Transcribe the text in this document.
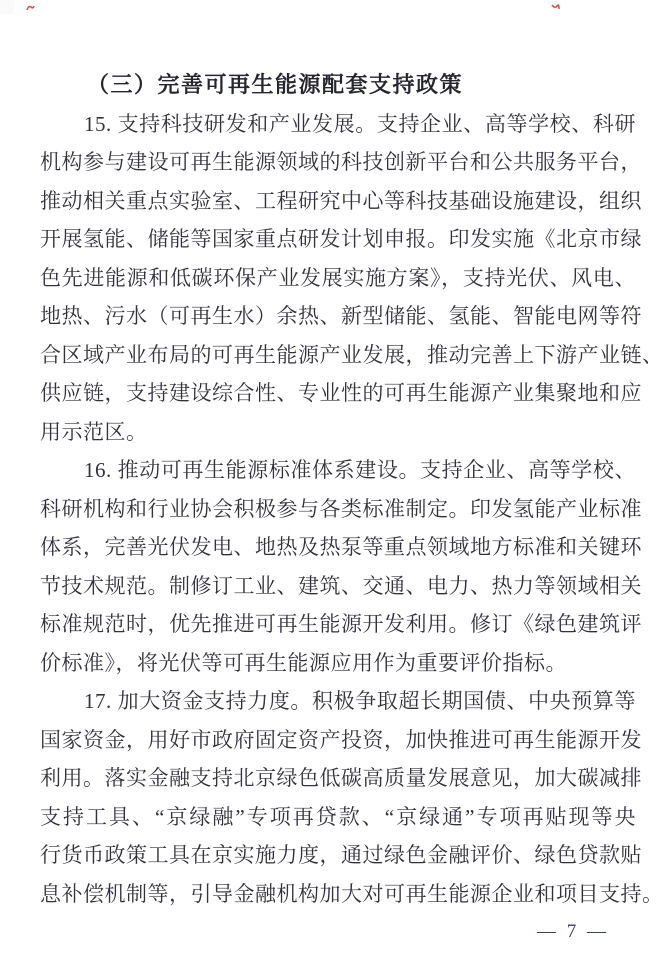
（三）完善可再生能源配套支持政策
15. 支持科技研发和产业发展。支持企业、高等学校、科研
机构参与建设可再生能源领域的科技创新平台和公共服务平台，
推动相关重点实验室、工程研究中心等科技基础设施建设，组织
开展氢能、储能等国家重点研发计划申报。印发实施《北京市绿
色先进能源和低碳环保产业发展实施方案》，支持光伏、风电、
地热、污水（可再生水）余热、新型储能、氢能、智能电网等符
合区域产业布局的可再生能源产业发展，推动完善上下游产业链、
供应链，支持建设综合性、专业性的可再生能源产业集聚地和应
用示范区。
16. 推动可再生能源标准体系建设。支持企业、高等学校、
科研机构和行业协会积极参与各类标准制定。印发氢能产业标准
体系，完善光伏发电、地热及热泵等重点领域地方标准和关键环
节技术规范。制修订工业、建筑、交通、电力、热力等领域相关
标准规范时，优先推进可再生能源开发利用。修订《绿色建筑评
价标准》，将光伏等可再生能源应用作为重要评价指标。
17. 加大资金支持力度。积极争取超长期国债、中央预算等
国家资金，用好市政府固定资产投资，加快推进可再生能源开发
利用。落实金融支持北京绿色低碳高质量发展意见，加大碳减排
支持工具、“京绿融”专项再贷款、“京绿通”专项再贴现等央
行货币政策工具在京实施力度，通过绿色金融评价、绿色贷款贴
息补偿机制等，引导金融机构加大对可再生能源企业和项目支持。
— 7 —
